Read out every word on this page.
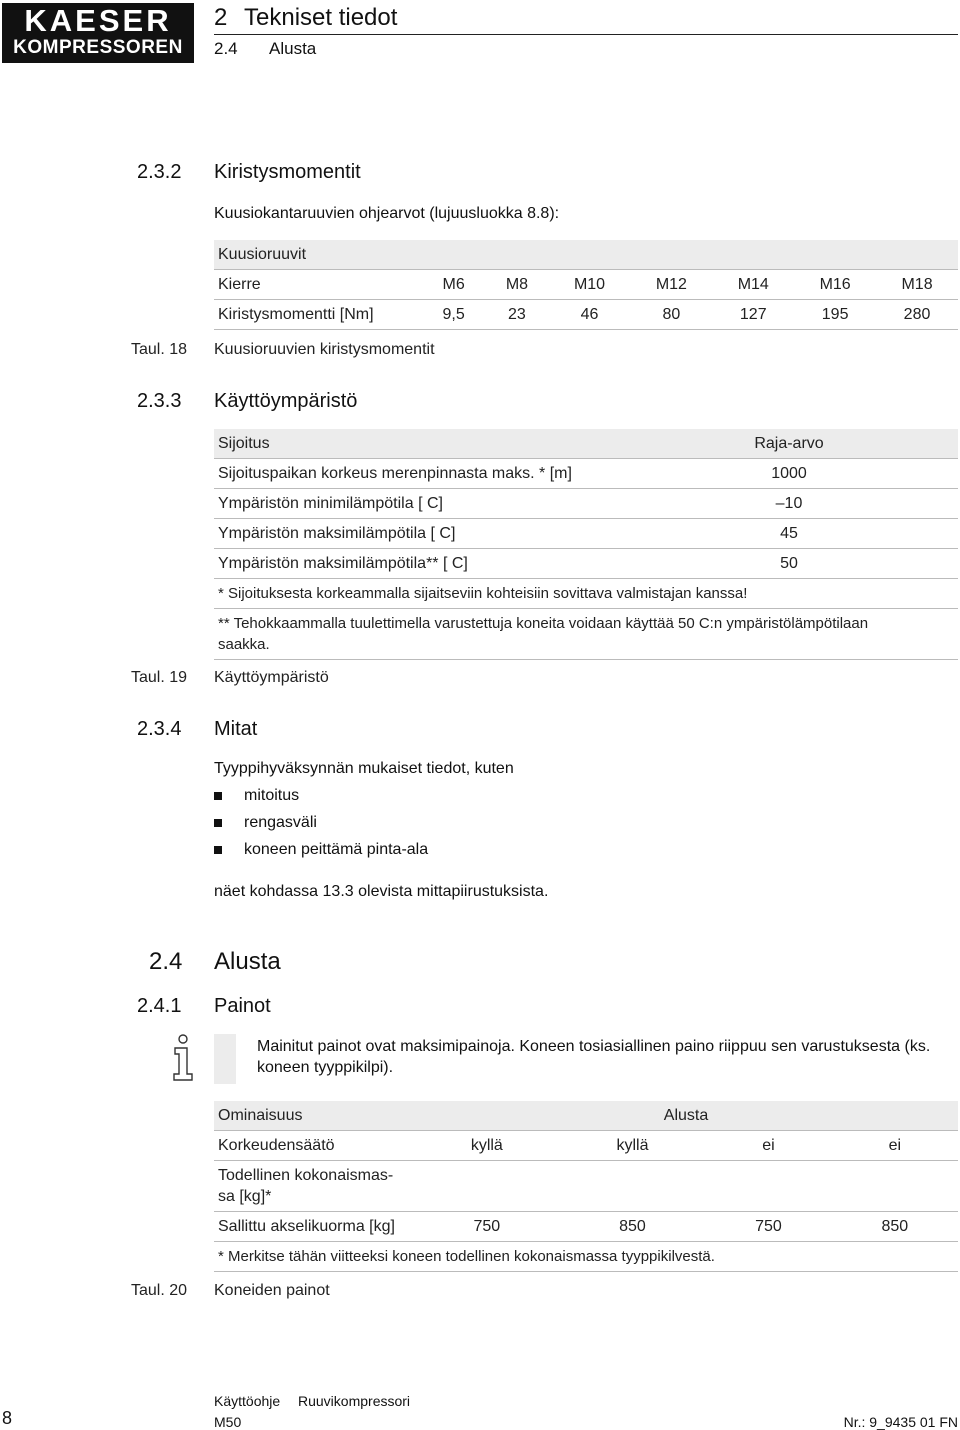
KAESER
KOMPRESSOREN
2 Tekniset tiedot
2.4 Alusta
2.3.2 Kiristysmomentit
Kuusiokantaruuvien ohjearvot (lujuusluokka 8.8):
Kuusioruuvit							
Kierre	M6	M8	M10	M12	M14	M16	M18
Kiristysmomentti [Nm]	9,5	23	46	80	127	195	280
Taul. 18 Kuusioruuvien kiristysmomentit
2.3.3 Käyttöympäristö
Sijoitus	Raja-arvo
Sijoituspaikan korkeus merenpinnasta maks. * [m]	1000
Ympäristön minimilämpötila [ C]	–10
Ympäristön maksimilämpötila [ C]	45
Ympäristön maksimilämpötila** [ C]	50
* Sijoituksesta korkeammalla sijaitseviin kohteisiin sovittava valmistajan kanssa!	

** Tehokkaammalla tuulettimella varustettuja koneita voidaan käyttää 50 C:n ympäristölämpötilaan
saakka.	
Taul. 19 Käyttöympäristö
2.3.4 Mitat
Tyyppihyväksynnän mukaiset tiedot, kuten
mitoitus
rengasväli
koneen peittämä pinta-ala
näet kohdassa 13.3 olevista mittapiirustuksista.
2.4 Alusta
2.4.1 Painot
Mainitut painot ovat maksimipainoja. Koneen tosiasiallinen paino riippuu sen varustuksesta (ks.
koneen tyyppikilpi).
Ominaisuus	Alusta			
Korkeudensäätö	kyllä	kyllä	ei	ei

Todellinen kokonaismas-
sa [kg]*				

Sallittu akselikuorma [kg]	750	850	750	850
* Merkitse tähän viitteeksi koneen todellinen kokonaismassa tyyppikilvestä.				
Taul. 20 Koneiden painot
8
Käyttöohje Ruuvikompressori
M50	Nr.: 9_9435 01 FN
